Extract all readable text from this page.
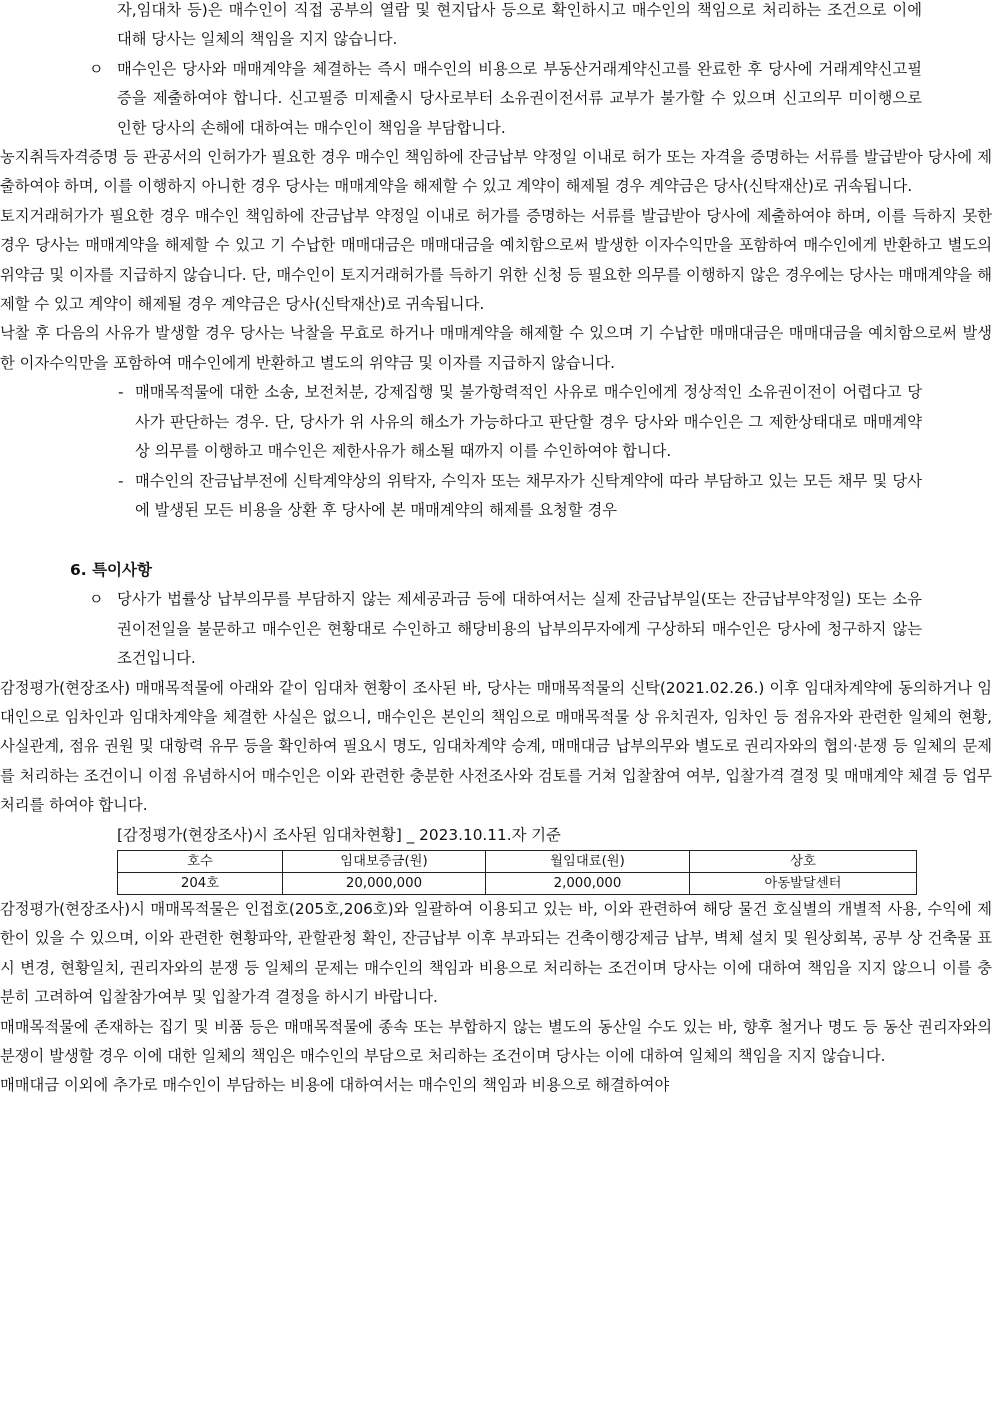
자,임대차 등)은 매수인이 직접 공부의 열람 및 현지답사 등으로 확인하시고 매수인의 책임으로 처리하는 조건으로 이에 대해 당사는 일체의 책임을 지지 않습니다.

ㅇ 매수인은 당사와 매매계약을 체결하는 즉시 매수인의 비용으로 부동산거래계약신고를 완료한 후 당사에 거래계약신고필증을 제출하여야 합니다. 신고필증 미제출시 당사로부터 소유권이전서류 교부가 불가할 수 있으며 신고의무 미이행으로 인한 당사의 손해에 대하여는 매수인이 책임을 부담합니다.

농지취득자격증명 등 관공서의 인허가가 필요한 경우 매수인 책임하에 잔금납부 약정일 이내로 허가 또는 자격을 증명하는 서류를 발급받아 당사에 제출하여야 하며, 이를 이행하지 아니한 경우 당사는 매매계약을 해제할 수 있고 계약이 해제될 경우 계약금은 당사(신탁재산)로 귀속됩니다.

토지거래허가가 필요한 경우 매수인 책임하에 잔금납부 약정일 이내로 허가를 증명하는 서류를 발급받아 당사에 제출하여야 하며, 이를 득하지 못한 경우 당사는 매매계약을 해제할 수 있고 기 수납한 매매대금은 매매대금을 예치함으로써 발생한 이자수익만을 포함하여 매수인에게 반환하고 별도의 위약금 및 이자를 지급하지 않습니다. 단, 매수인이 토지거래허가를 득하기 위한 신청 등 필요한 의무를 이행하지 않은 경우에는 당사는 매매계약을 해제할 수 있고 계약이 해제될 경우 계약금은 당사(신탁재산)로 귀속됩니다.

낙찰 후 다음의 사유가 발생할 경우 당사는 낙찰을 무효로 하거나 매매계약을 해제할 수 있으며 기 수납한 매매대금은 매매대금을 예치함으로써 발생한 이자수익만을 포함하여 매수인에게 반환하고 별도의 위약금 및 이자를 지급하지 않습니다.

- 매매목적물에 대한 소송, 보전처분, 강제집행 및 불가항력적인 사유로 매수인에게 정상적인 소유권이전이 어렵다고 당사가 판단하는 경우. 단, 당사가 위 사유의 해소가 가능하다고 판단할 경우 당사와 매수인은 그 제한상태대로 매매계약상 의무를 이행하고 매수인은 제한사유가 해소될 때까지 이를 수인하여야 합니다.

- 매수인의 잔금납부전에 신탁계약상의 위탁자, 수익자 또는 채무자가 신탁계약에 따라 부담하고 있는 모든 채무 및 당사에 발생된 모든 비용을 상환 후 당사에 본 매매계약의 해제를 요청할 경우

6. 특이사항

ㅇ 당사가 법률상 납부의무를 부담하지 않는 제세공과금 등에 대하여서는 실제 잔금납부일(또는 잔금납부약정일) 또는 소유권이전일을 불문하고 매수인은 현황대로 수인하고 해당비용의 납부의무자에게 구상하되 매수인은 당사에 청구하지 않는 조건입니다.

감정평가(현장조사) 매매목적물에 아래와 같이 임대차 현황이 조사된 바, 당사는 매매목적물의 신탁(2021.02.26.) 이후 임대차계약에 동의하거나 임대인으로 임차인과 임대차계약을 체결한 사실은 없으니, 매수인은 본인의 책임으로 매매목적물 상 유치권자, 임차인 등 점유자와 관련한 일체의 현황, 사실관계, 점유 권원 및 대항력 유무 등을 확인하여 필요시 명도, 임대차계약 승계, 매매대금 납부의무와 별도로 권리자와의 협의·분쟁 등 일체의 문제를 처리하는 조건이니 이점 유념하시어 매수인은 이와 관련한 충분한 사전조사와 검토를 거쳐 입찰참여 여부, 입찰가격 결정 및 매매계약 체결 등 업무처리를 하여야 합니다.

[감정평가(현장조사)시 조사된 임대차현황] _ 2023.10.11.자 기준
호수	임대보증금(원)	월임대료(원)	상호
204호	20,000,000	2,000,000	아동발달센터

감정평가(현장조사)시 매매목적물은 인접호(205호,206호)와 일괄하여 이용되고 있는 바, 이와 관련하여 해당 물건 호실별의 개별적 사용, 수익에 제한이 있을 수 있으며, 이와 관련한 현황파악, 관할관청 확인, 잔금납부 이후 부과되는 건축이행강제금 납부, 벽체 설치 및 원상회복, 공부 상 건축물 표시 변경, 현황일치, 권리자와의 분쟁 등 일체의 문제는 매수인의 책임과 비용으로 처리하는 조건이며 당사는 이에 대하여 책임을 지지 않으니 이를 충분히 고려하여 입찰참가여부 및 입찰가격 결정을 하시기 바랍니다.

매매목적물에 존재하는 집기 및 비품 등은 매매목적물에 종속 또는 부합하지 않는 별도의 동산일 수도 있는 바, 향후 철거나 명도 등 동산 권리자와의 분쟁이 발생할 경우 이에 대한 일체의 책임은 매수인의 부담으로 처리하는 조건이며 당사는 이에 대하여 일체의 책임을 지지 않습니다.

매매대금 이외에 추가로 매수인이 부담하는 비용에 대하여서는 매수인의 책임과 비용으로 해결하여야
